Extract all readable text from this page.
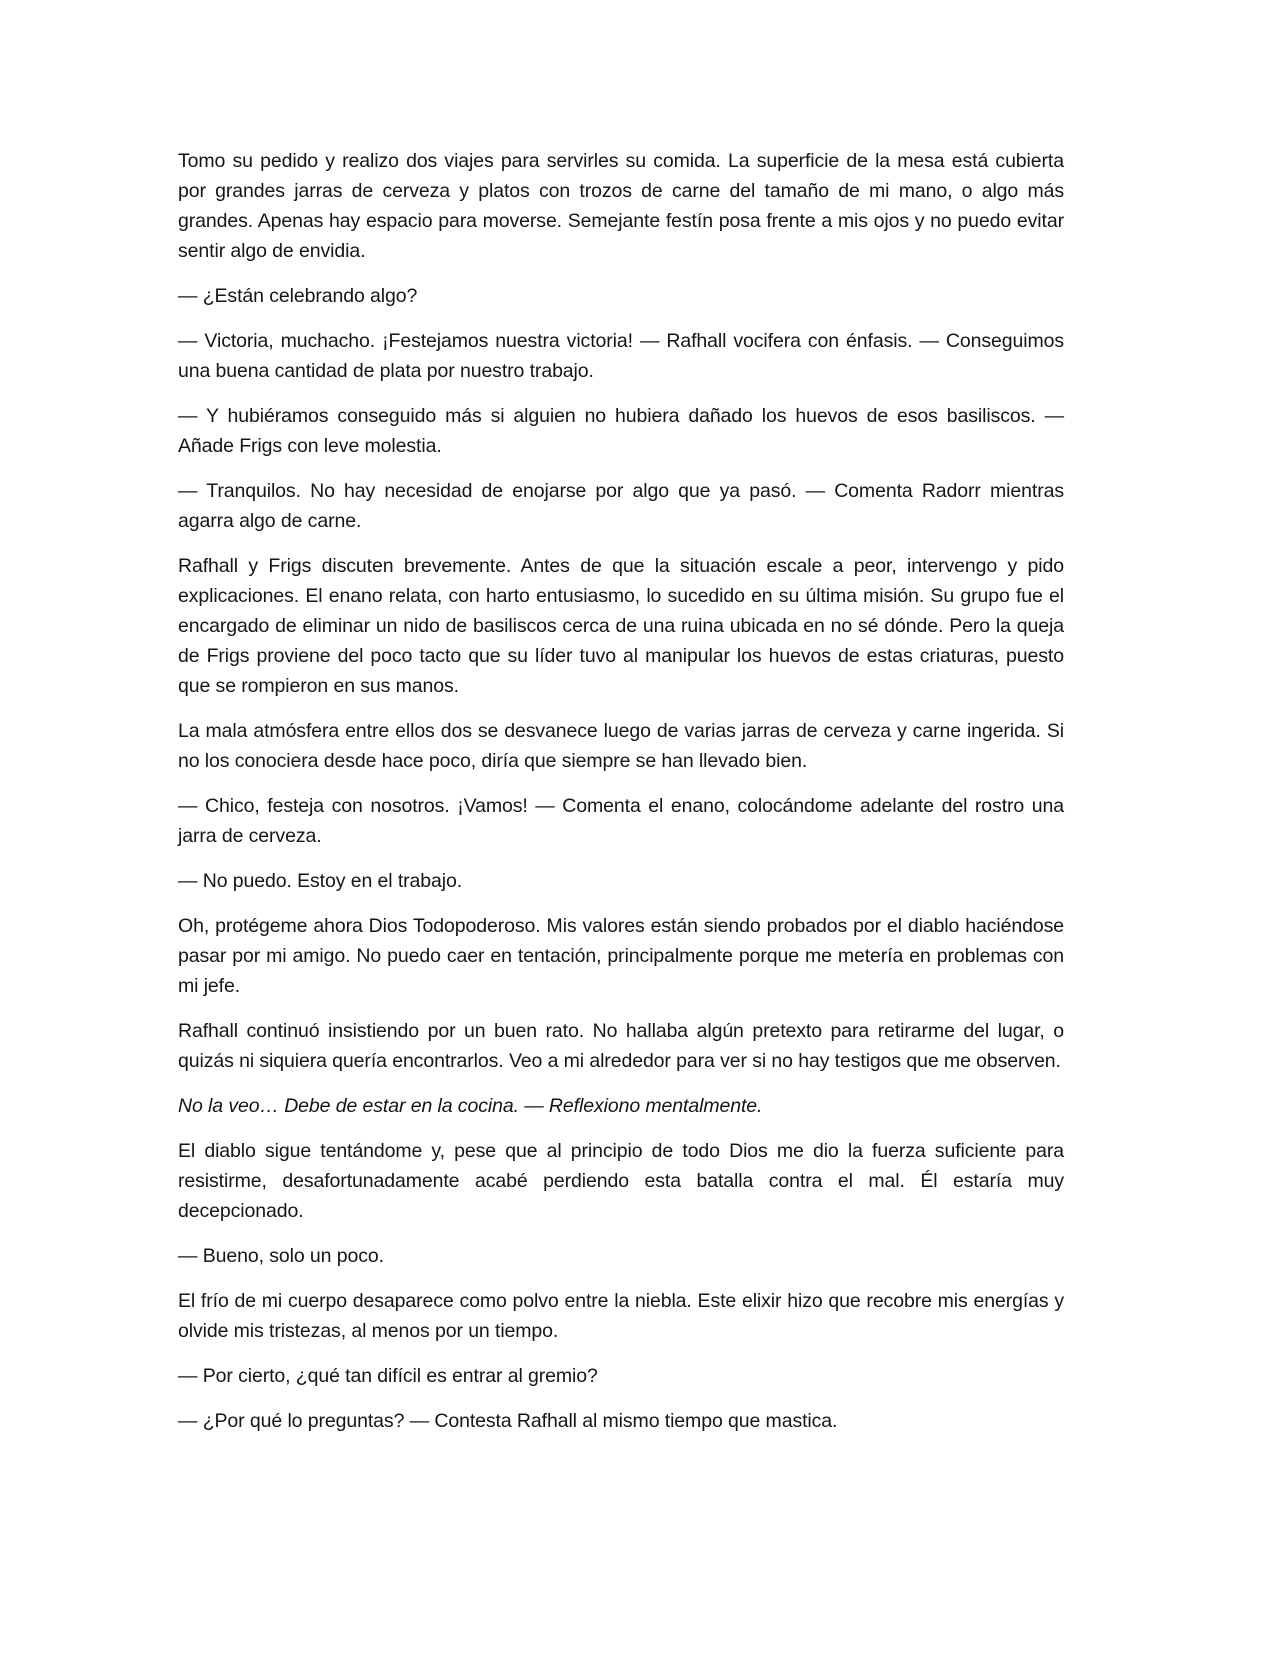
Tomo su pedido y realizo dos viajes para servirles su comida. La superficie de la mesa está cubierta por grandes jarras de cerveza y platos con trozos de carne del tamaño de mi mano, o algo más grandes. Apenas hay espacio para moverse. Semejante festín posa frente a mis ojos y no puedo evitar sentir algo de envidia.

— ¿Están celebrando algo?

— Victoria, muchacho. ¡Festejamos nuestra victoria! — Rafhall vocifera con énfasis. — Conseguimos una buena cantidad de plata por nuestro trabajo.

— Y hubiéramos conseguido más si alguien no hubiera dañado los huevos de esos basiliscos. — Añade Frigs con leve molestia.

— Tranquilos. No hay necesidad de enojarse por algo que ya pasó. — Comenta Radorr mientras agarra algo de carne.

Rafhall y Frigs discuten brevemente. Antes de que la situación escale a peor, intervengo y pido explicaciones. El enano relata, con harto entusiasmo, lo sucedido en su última misión. Su grupo fue el encargado de eliminar un nido de basiliscos cerca de una ruina ubicada en no sé dónde. Pero la queja de Frigs proviene del poco tacto que su líder tuvo al manipular los huevos de estas criaturas, puesto que se rompieron en sus manos.

La mala atmósfera entre ellos dos se desvanece luego de varias jarras de cerveza y carne ingerida. Si no los conociera desde hace poco, diría que siempre se han llevado bien.

— Chico, festeja con nosotros. ¡Vamos! — Comenta el enano, colocándome adelante del rostro una jarra de cerveza.

— No puedo. Estoy en el trabajo.

Oh, protégeme ahora Dios Todopoderoso. Mis valores están siendo probados por el diablo haciéndose pasar por mi amigo. No puedo caer en tentación, principalmente porque me metería en problemas con mi jefe.

Rafhall continuó insistiendo por un buen rato. No hallaba algún pretexto para retirarme del lugar, o quizás ni siquiera quería encontrarlos. Veo a mi alrededor para ver si no hay testigos que me observen.

No la veo… Debe de estar en la cocina. — Reflexiono mentalmente.

El diablo sigue tentándome y, pese que al principio de todo Dios me dio la fuerza suficiente para resistirme, desafortunadamente acabé perdiendo esta batalla contra el mal. Él estaría muy decepcionado.

— Bueno, solo un poco.

El frío de mi cuerpo desaparece como polvo entre la niebla. Este elixir hizo que recobre mis energías y olvide mis tristezas, al menos por un tiempo.

— Por cierto, ¿qué tan difícil es entrar al gremio?

— ¿Por qué lo preguntas? — Contesta Rafhall al mismo tiempo que mastica.
